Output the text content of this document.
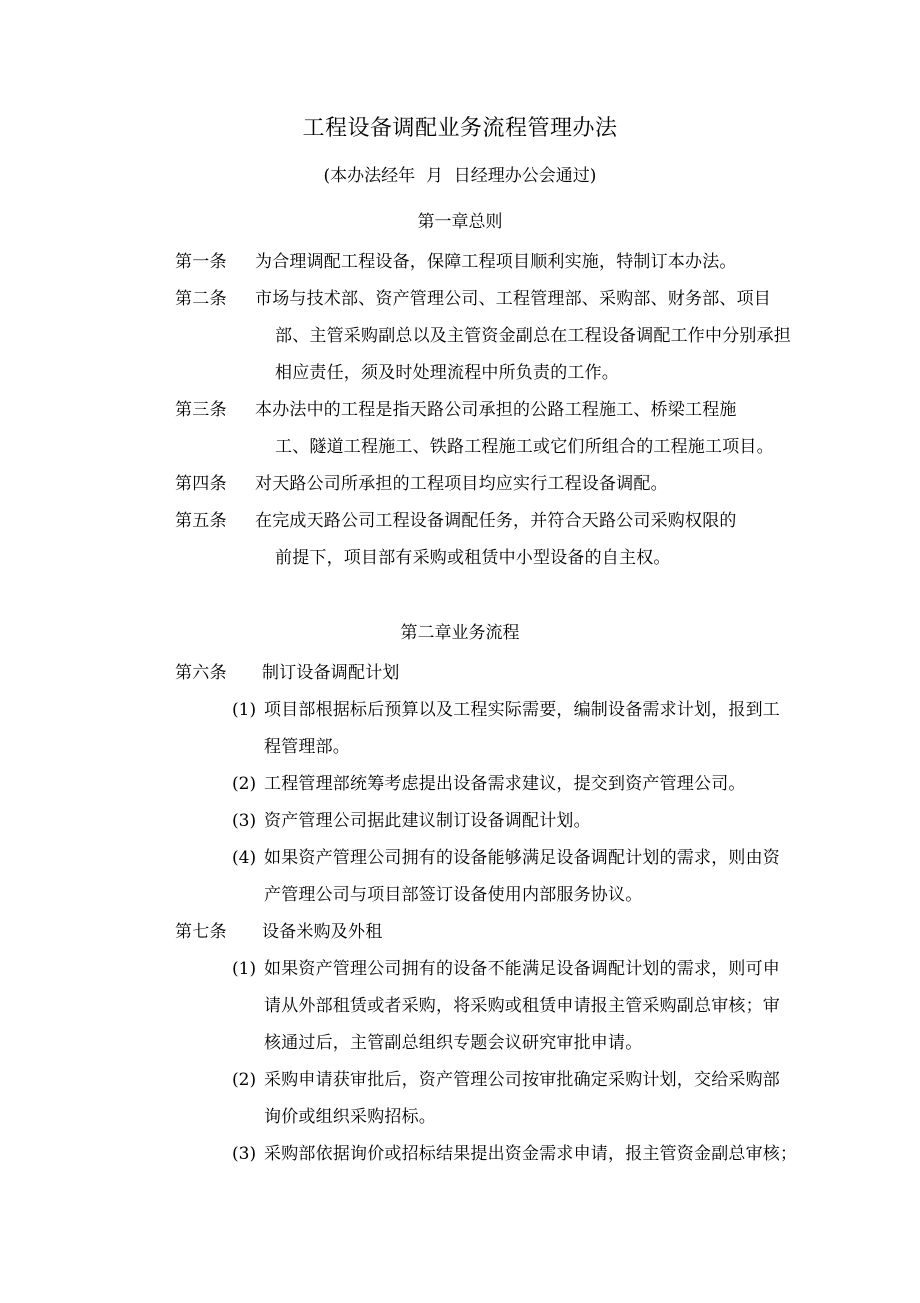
工程设备调配业务流程管理办法
(本办法经年  月  日经理办公会通过)
第一章总则
第二章业务流程
第一条	为合理调配工程设备，保障工程项目顺利实施，特制订本办法。
第二条	市场与技术部、资产管理公司、工程管理部、采购部、财务部、项目
部、主管采购副总以及主管资金副总在工程设备调配工作中分别承担
相应责任，须及时处理流程中所负责的工作。
第三条	本办法中的工程是指天路公司承担的公路工程施工、桥梁工程施
工、隧道工程施工、铁路工程施工或它们所组合的工程施工项目。
第四条	对天路公司所承担的工程项目均应实行工程设备调配。
第五条	在完成天路公司工程设备调配任务，并符合天路公司采购权限的
前提下，项目部有采购或租赁中小型设备的自主权。
第六条	制订设备调配计划
(1) 项目部根据标后预算以及工程实际需要，编制设备需求计划，报到工
程管理部。
(2) 工程管理部统筹考虑提出设备需求建议，提交到资产管理公司。
(3) 资产管理公司据此建议制订设备调配计划。
(4) 如果资产管理公司拥有的设备能够满足设备调配计划的需求，则由资
产管理公司与项目部签订设备使用内部服务协议。
第七条	设备米购及外租
(1) 如果资产管理公司拥有的设备不能满足设备调配计划的需求，则可申
请从外部租赁或者采购，将采购或租赁申请报主管采购副总审核；审
核通过后，主管副总组织专题会议研究审批申请。
(2) 采购申请获审批后，资产管理公司按审批确定采购计划，交给采购部
询价或组织采购招标。
(3) 采购部依据询价或招标结果提出资金需求申请，报主管资金副总审核；
